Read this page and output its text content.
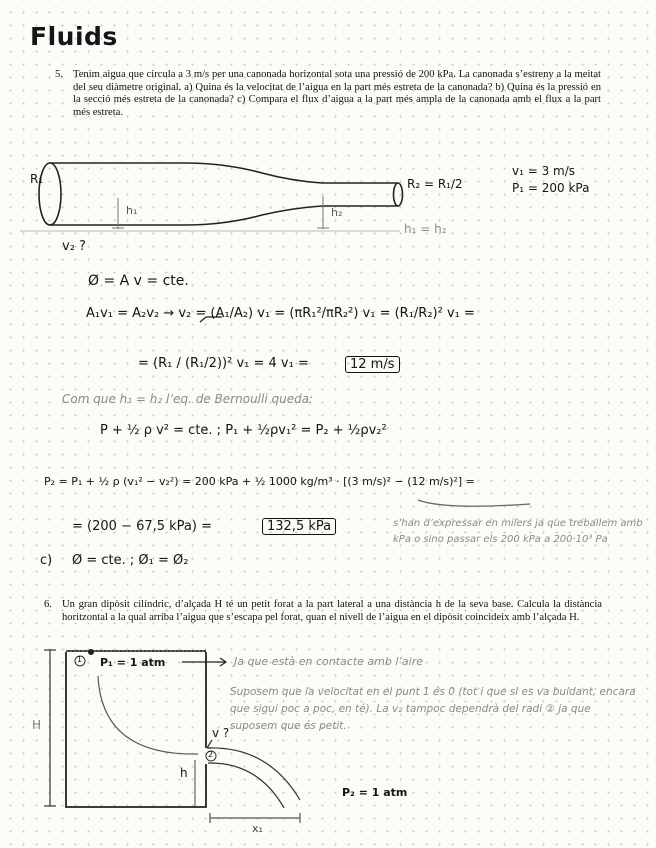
Fluids
5. Tenim aigua que circula a 3 m/s per una canonada horizontal sota una pressió de 200 kPa. La canonada s’estreny a la meitat del seu diàmetre original. a) Quina és la velocitat de l’aigua en la part més estreta de la canonada? b) Quina és la pressió en la secció més estreta de la canonada? c) Compara el flux d’aigua a la part més ampla de la canonada amb el flux a la part més estreta.
R₁
h₁	h₂
R₂ = R₁/2
v₁ = 3 m/s
P₁ = 200 kPa
h₁ = h₂
v₂ ?
Ø = A v = cte.
A₁v₁ = A₂v₂ → v₂ = (A₁/A₂) v₁ = (πR₁²/πR₂²) v₁ = (R₁/R₂)² v₁ =
= (R₁ / (R₁/2))² v₁ = 4 v₁ =	12 m/s
Com que h₁ = h₂ l’eq. de Bernoulli queda:
P + ½ ρ v² = cte. ; P₁ + ½ρv₁² = P₂ + ½ρv₂²
P₂ = P₁ + ½ ρ (v₁² − v₂²) = 200 kPa + ½ 1000 kg/m³ · [(3 m/s)² − (12 m/s)²] =
= (200 − 67,5 kPa) =	132,5 kPa	s’han d’expressar en milers ja que treballem amb kPa o sino passar els 200 kPa a 200·10³ Pa
c) Ø = cte. ; Ø₁ = Ø₂
6. Un gran dipòsit cilíndric, d’alçada H té un petit forat a la part lateral a una distància h de la seva base. Calcula la distància horitzontal a la qual arriba l’aigua que s’escapa pel forat, quan el nivell de l’aigua en el dipòsit coincideix amb l’alçada H.
1
2
P₁ = 1 atm
H
h
v ?
P₂ = 1 atm
x₁
Ja que està en contacte amb l’aire
Suposem que la velocitat en el punt 1 és 0 (tot i que si es va buidant, encara que sigui poc a poc, en té). La v₂ tampoc dependrà del radi ② ja que suposem que és petit.
